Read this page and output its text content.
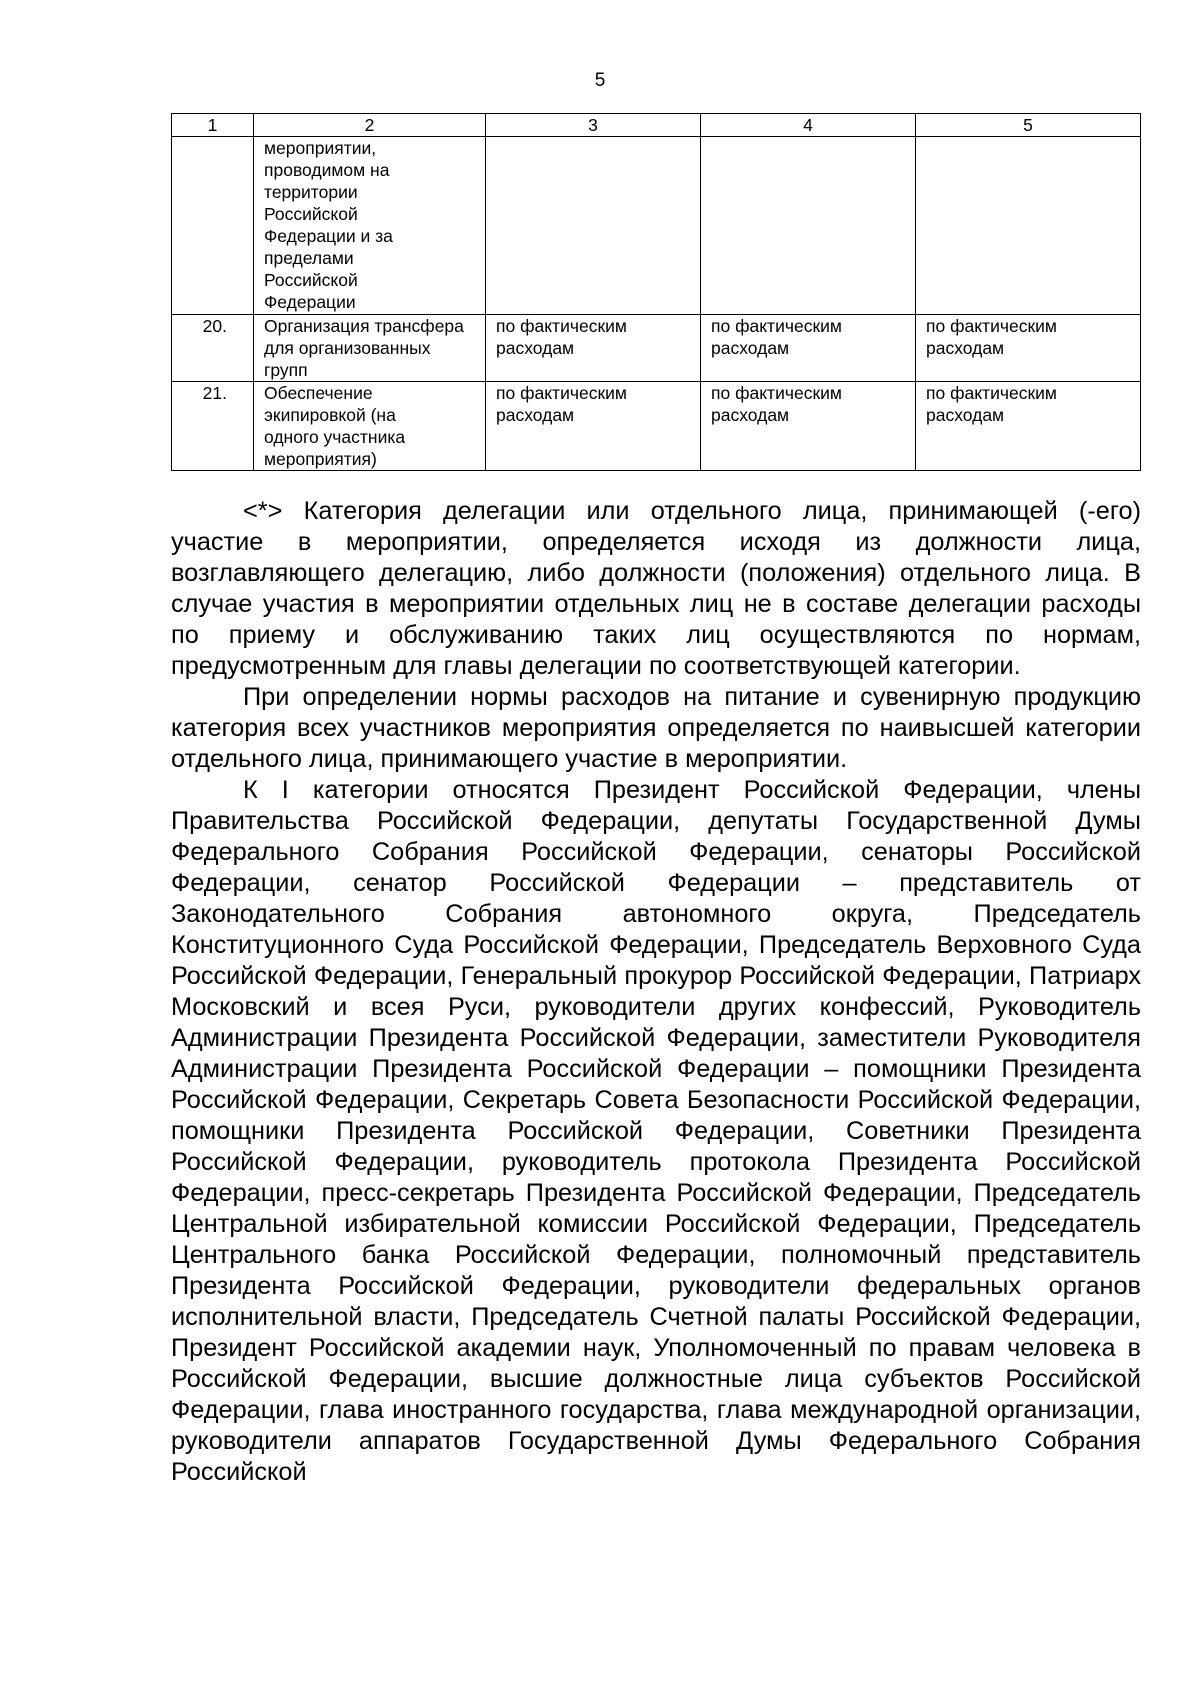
5
1	2	3	4	5
	мероприятии, проводимом на территории Российской Федерации и за пределами Российской Федерации			
20.	Организация трансфера для организованных групп	по фактическим расходам	по фактическим расходам	по фактическим расходам
21.	Обеспечение экипировкой (на одного участника мероприятия)	по фактическим расходам	по фактическим расходам	по фактическим расходам

<*> Категория делегации или отдельного лица, принимающей (-его) участие в мероприятии, определяется исходя из должности лица, возглавляющего делегацию, либо должности (положения) отдельного лица. В случае участия в мероприятии отдельных лиц не в составе делегации расходы по приему и обслуживанию таких лиц осуществляются по нормам, предусмотренным для главы делегации по соответствующей категории.

При определении нормы расходов на питание и сувенирную продукцию категория всех участников мероприятия определяется по наивысшей категории отдельного лица, принимающего участие в мероприятии.

К I категории относятся Президент Российской Федерации, члены Правительства Российской Федерации, депутаты Государственной Думы Федерального Собрания Российской Федерации, сенаторы Российской Федерации, сенатор Российской Федерации – представитель от Законодательного Собрания автономного округа, Председатель Конституционного Суда Российской Федерации, Председатель Верховного Суда Российской Федерации, Генеральный прокурор Российской Федерации, Патриарх Московский и всея Руси, руководители других конфессий, Руководитель Администрации Президента Российской Федерации, заместители Руководителя Администрации Президента Российской Федерации – помощники Президента Российской Федерации, Секретарь Совета Безопасности Российской Федерации, помощники Президента Российской Федерации, Советники Президента Российской Федерации, руководитель протокола Президента Российской Федерации, пресс-секретарь Президента Российской Федерации, Председатель Центральной избирательной комиссии Российской Федерации, Председатель Центрального банка Российской Федерации, полномочный представитель Президента Российской Федерации, руководители федеральных органов исполнительной власти, Председатель Счетной палаты Российской Федерации, Президент Российской академии наук, Уполномоченный по правам человека в Российской Федерации, высшие должностные лица субъектов Российской Федерации, глава иностранного государства, глава международной организации, руководители аппаратов Государственной Думы Федерального Собрания Российской
